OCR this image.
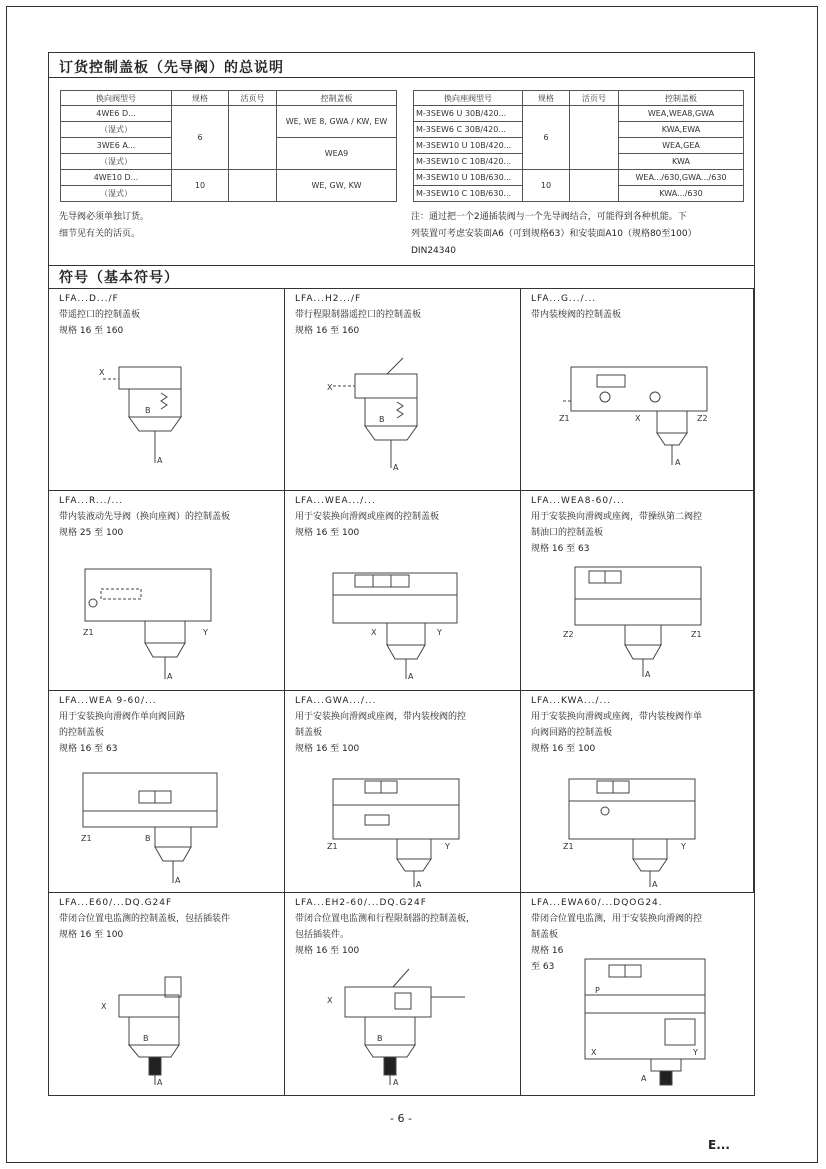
订货控制盖板（先导阀）的总说明
换向阀型号	规格	活页号	控制盖板
4WE6 D...	6		WE, WE 8, GWA / KW, EW
（湿式）			
3WE6 A...			WEA9
（湿式）			
4WE10 D...	10		WE, GW, KW
（湿式）			
换向座阀型号	规格	活页号	控制盖板
M-3SEW6 U 30B/420...	6		WEA,WEA8,GWA
M-3SEW6 C 30B/420...			KWA,EWA
M-3SEW10 U 10B/420...			WEA,GEA
M-3SEW10 C 10B/420...			KWA
M-3SEW10 U 10B/630...	10		WEA.../630,GWA.../630
M-3SEW10 C 10B/630...			KWA.../630
先导阀必须单独订货。
细节见有关的活页。
注：通过把一个2通插装阀与一个先导阀结合，可能得到各种机能。下
列装置可考虑安装面A6（可到规格63）和安装面A10（规格80至100）
DIN24340
符号（基本符号）
LFA...D.../F
带遥控口的控制盖板
规格 16 至 160
X
B
A
LFA...H2.../F
带行程限制器遥控口的控制盖板
规格 16 至 160
X
B
A
LFA...G.../...
带内装梭阀的控制盖板
Z1	Z2
X
A
LFA...R.../...
带内装液动先导阀（换向座阀）的控制盖板
规格 25 至 100
Z1	Y
A
LFA...WEA.../...
用于安装换向滑阀或座阀的控制盖板
规格 16 至 100
Y
X
A
LFA...WEA8-60/...
用于安装换向滑阀或座阀，带操纵第二阀控
制油口的控制盖板
规格 16 至 63
Z2	Z1
A
LFA...WEA 9-60/...
用于安装换向滑阀作单向阀回路
的控制盖板
规格 16 至 63
Z1	B
A
LFA...GWA.../...
用于安装换向滑阀或座阀，带内装梭阀的控
制盖板
规格 16 至 100
Z1	Y
A
LFA...KWA.../...
用于安装换向滑阀或座阀，带内装梭阀作单
向阀回路的控制盖板
规格 16 至 100
Z1	Y
A
LFA...E60/...DQ.G24F
带闭合位置电监测的控制盖板，包括插装件
规格 16 至 100
X
B
A
LFA...EH2-60/...DQ.G24F
带闭合位置电监测和行程限制器的控制盖板，
包括插装件。
规格 16 至 100
X
B
A
LFA...EWA60/...DQOG24.
带闭合位置电监测，用于安装换向滑阀的控
制盖板
规格 16
至 63
X
P
Y
A
- 6 -
E...
